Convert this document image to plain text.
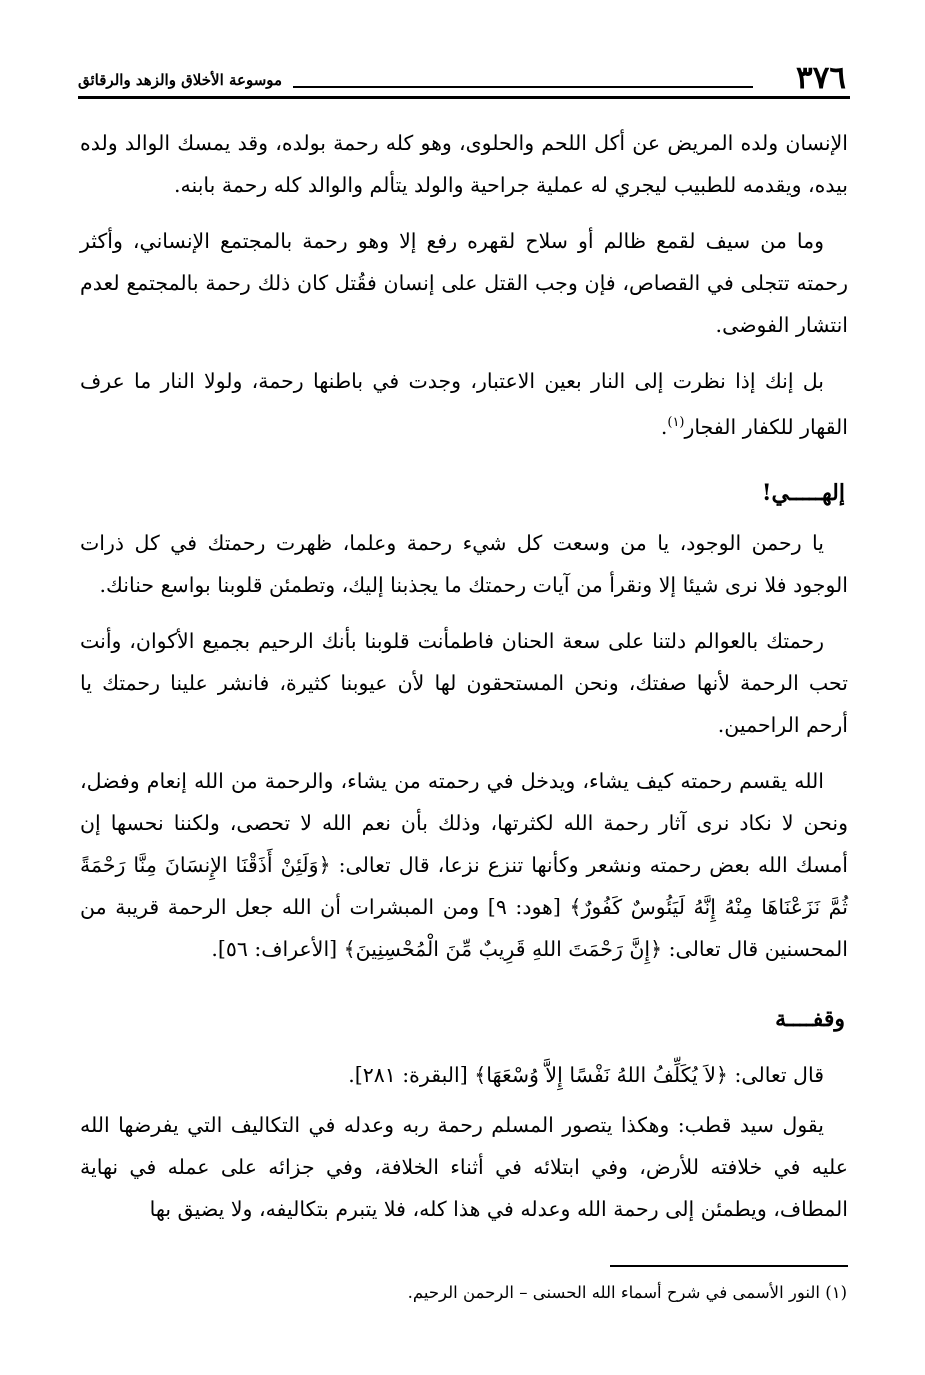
٣٧٦
موسوعة الأخلاق والزهد والرقائق

الإنسان ولده المريض عن أكل اللحم والحلوى، وهو كله رحمة بولده، وقد يمسك الوالد ولده بيده، ويقدمه للطبيب ليجري له عملية جراحية والولد يتألم والوالد كله رحمة بابنه.

وما من سيف لقمع ظالم أو سلاح لقهره رفع إلا وهو رحمة بالمجتمع الإنساني، وأكثر رحمته تتجلى في القصاص، فإن وجب القتل على إنسان فقُتل كان ذلك رحمة بالمجتمع لعدم انتشار الفوضى.

بل إنك إذا نظرت إلى النار بعين الاعتبار، وجدت في باطنها رحمة، ولولا النار ما عرف القهار للكفار الفجار$^{(١)}$.

إلهـــــي!

يا رحمن الوجود، يا من وسعت كل شيء رحمة وعلما، ظهرت رحمتك في كل ذرات الوجود فلا نرى شيئا إلا ونقرأ من آيات رحمتك ما يجذبنا إليك، وتطمئن قلوبنا بواسع حنانك.

رحمتك بالعوالم دلتنا على سعة الحنان فاطمأنت قلوبنا بأنك الرحيم بجميع الأكوان، وأنت تحب الرحمة لأنها صفتك، ونحن المستحقون لها لأن عيوبنا كثيرة، فانشر علينا رحمتك يا أرحم الراحمين.

الله يقسم رحمته كيف يشاء، ويدخل في رحمته من يشاء، والرحمة من الله إنعام وفضل، ونحن لا نكاد نرى آثار رحمة الله لكثرتها، وذلك بأن نعم الله لا تحصى، ولكننا نحسها إن أمسك الله بعض رحمته ونشعر وكأنها تنزع نزعا، قال تعالى: ﴿وَلَئِنْ أَذَقْنَا الإِنسَانَ مِنَّا رَحْمَةً ثُمَّ نَزَعْنَاهَا مِنْهُ إِنَّهُ لَيَئُوسٌ كَفُورٌ﴾ [هود: ٩] ومن المبشرات أن الله جعل الرحمة قريبة من المحسنين قال تعالى: ﴿إِنَّ رَحْمَتَ اللهِ قَرِيبٌ مِّنَ الْمُحْسِنِينَ﴾ [الأعراف: ٥٦].

وقفــــة

قال تعالى: ﴿لاَ يُكَلِّفُ اللهُ نَفْسًا إِلاَّ وُسْعَهَا﴾ [البقرة: ٢٨١].

يقول سيد قطب: وهكذا يتصور المسلم رحمة ربه وعدله في التكاليف التي يفرضها الله عليه في خلافته للأرض، وفي ابتلائه في أثناء الخلافة، وفي جزائه على عمله في نهاية المطاف، ويطمئن إلى رحمة الله وعدله في هذا كله، فلا يتبرم بتكاليفه، ولا يضيق بها

(١) النور الأسمى في شرح أسماء الله الحسنى – الرحمن الرحيم.
